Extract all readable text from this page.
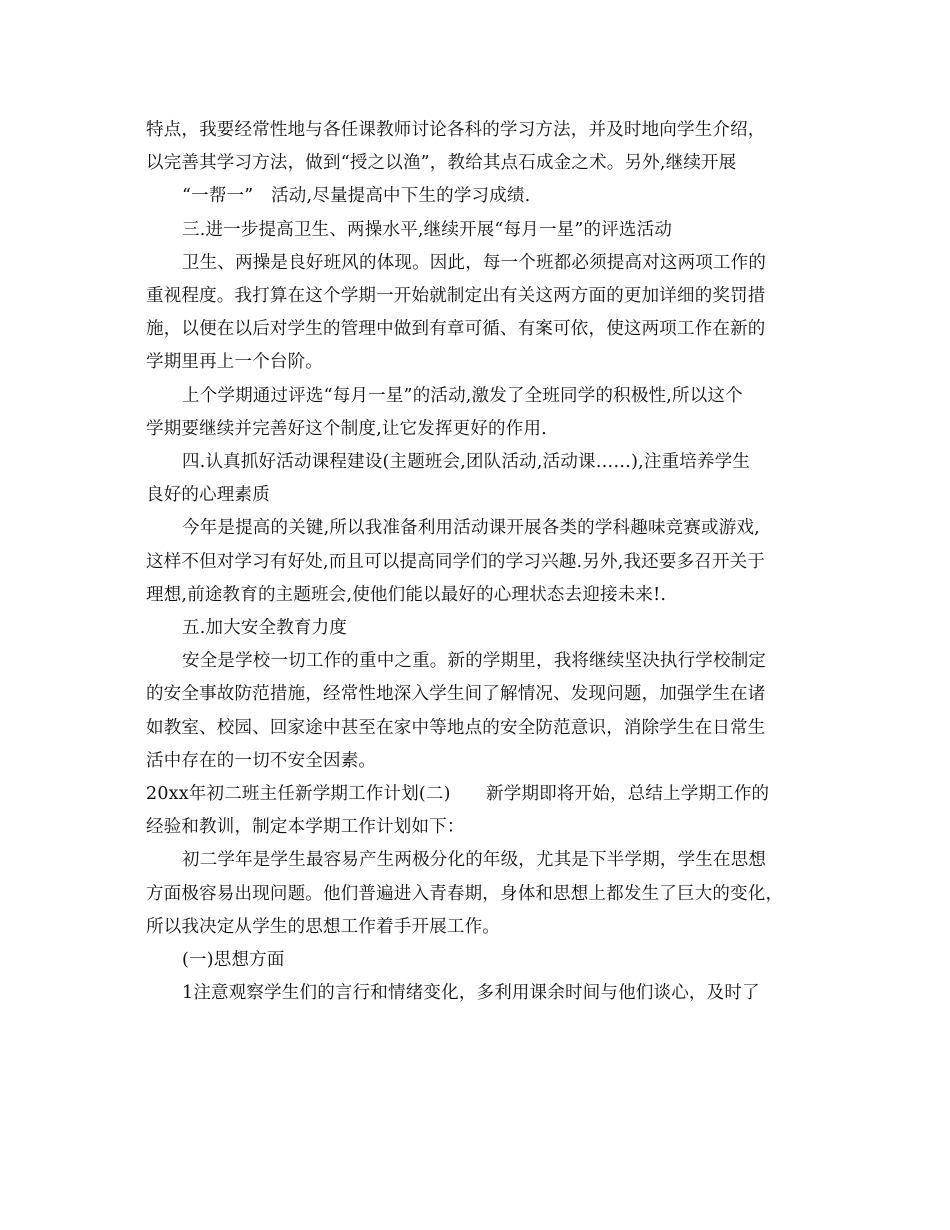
特点，我要经常性地与各任课教师讨论各科的学习方法，并及时地向学生介绍，

以完善其学习方法，做到“授之以渔”，教给其点石成金之术。另外,继续开展

“一帮一”　活动,尽量提高中下生的学习成绩.

三.进一步提高卫生、两操水平,继续开展“每月一星”的评选活动

卫生、两操是良好班风的体现。因此，每一个班都必须提高对这两项工作的

重视程度。我打算在这个学期一开始就制定出有关这两方面的更加详细的奖罚措

施，以便在以后对学生的管理中做到有章可循、有案可依，使这两项工作在新的

学期里再上一个台阶。

上个学期通过评选“每月一星”的活动,激发了全班同学的积极性,所以这个

学期要继续并完善好这个制度,让它发挥更好的作用.

四.认真抓好活动课程建设(主题班会,团队活动,活动课……),注重培养学生

良好的心理素质

今年是提高的关键,所以我准备利用活动课开展各类的学科趣味竞赛或游戏,

这样不但对学习有好处,而且可以提高同学们的学习兴趣.另外,我还要多召开关于

理想,前途教育的主题班会,使他们能以最好的心理状态去迎接未来!.

五.加大安全教育力度

安全是学校一切工作的重中之重。新的学期里，我将继续坚决执行学校制定

的安全事故防范措施，经常性地深入学生间了解情况、发现问题，加强学生在诸

如教室、校园、回家途中甚至在家中等地点的安全防范意识，消除学生在日常生

活中存在的一切不安全因素。

20xx年初二班主任新学期工作计划(二)　　新学期即将开始，总结上学期工作的

经验和教训，制定本学期工作计划如下：

初二学年是学生最容易产生两极分化的年级，尤其是下半学期，学生在思想

方面极容易出现问题。他们普遍进入青春期，身体和思想上都发生了巨大的变化，

所以我决定从学生的思想工作着手开展工作。

(一)思想方面

1注意观察学生们的言行和情绪变化，多利用课余时间与他们谈心，及时了
